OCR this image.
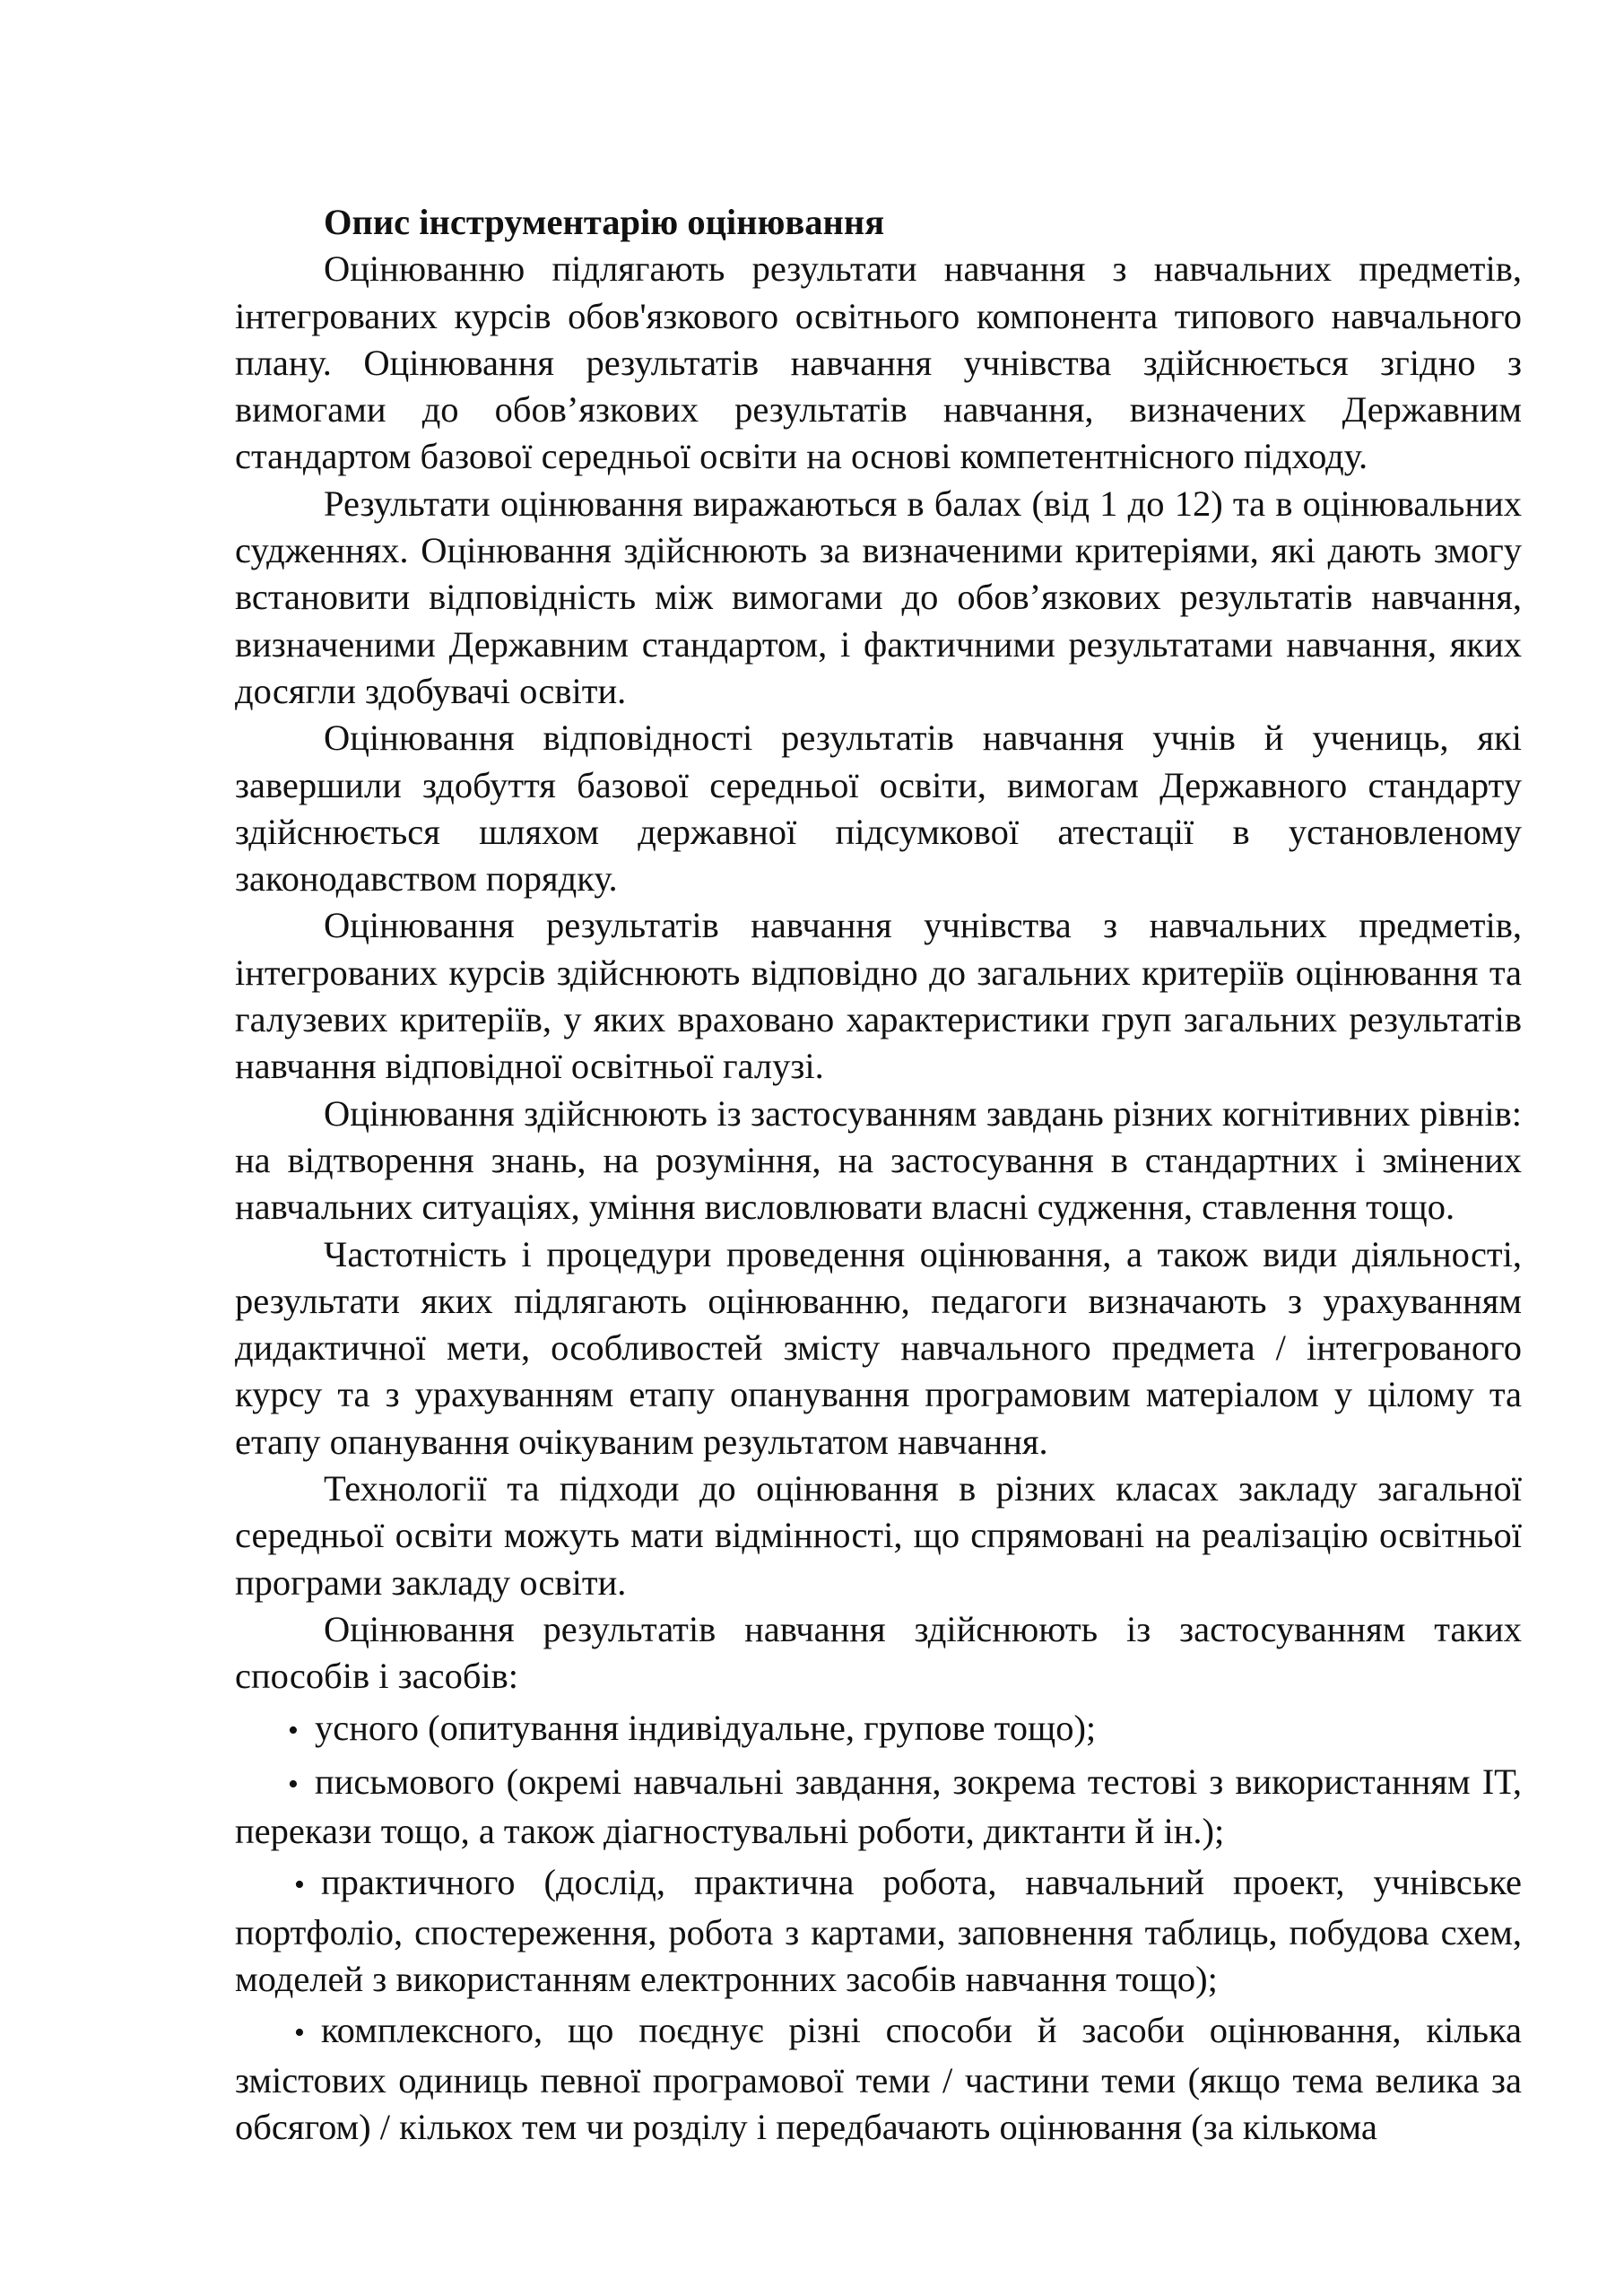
Опис інструментарію оцінювання

Оцінюванню підлягають результати навчання з навчальних предметів, інтегрованих курсів обов'язкового освітнього компонента типового навчального плану. Оцінювання результатів навчання учнівства здійснюється згідно з вимогами до обов’язкових результатів навчання, визначених Державним стандартом базової середньої освіти на основі компетентнісного підходу.

Результати оцінювання виражаються в балах (від 1 до 12) та в оцінювальних судженнях. Оцінювання здійснюють за визначеними критеріями, які дають змогу встановити відповідність між вимогами до обов’язкових результатів навчання, визначеними Державним стандартом, і фактичними результатами навчання, яких досягли здобувачі освіти.

Оцінювання відповідності результатів навчання учнів й учениць, які завершили здобуття базової середньої освіти, вимогам Державного стандарту здійснюється шляхом державної підсумкової атестації в установленому законодавством порядку.

Оцінювання результатів навчання учнівства з навчальних предметів, інтегрованих курсів здійснюють відповідно до загальних критеріїв оцінювання та галузевих критеріїв, у яких враховано характеристики груп загальних результатів навчання відповідної освітньої галузі.

Оцінювання здійснюють із застосуванням завдань різних когнітивних рівнів: на відтворення знань, на розуміння, на застосування в стандартних і змінених навчальних ситуаціях, уміння висловлювати власні судження, ставлення тощо.

Частотність і процедури проведення оцінювання, а також види діяльності, результати яких підлягають оцінюванню, педагоги визначають з урахуванням дидактичної мети, особливостей змісту навчального предмета / інтегрованого курсу та з урахуванням етапу опанування програмовим матеріалом у цілому та етапу опанування очікуваним результатом навчання.

Технології та підходи до оцінювання в різних класах закладу загальної середньої освіти можуть мати відмінності, що спрямовані на реалізацію освітньої програми закладу освіти.

Оцінювання результатів навчання здійснюють із застосуванням таких способів і засобів:

• усного (опитування індивідуальне, групове тощо);
• письмового (окремі навчальні завдання, зокрема тестові з використанням ІТ, перекази тощо, а також діагностувальні роботи, диктанти й ін.);
• практичного (дослід, практична робота, навчальний проект, учнівське портфоліо, спостереження, робота з картами, заповнення таблиць, побудова схем, моделей з використанням електронних засобів навчання тощо);
• комплексного, що поєднує різні способи й засоби оцінювання, кілька змістових одиниць певної програмової теми / частини теми (якщо тема велика за обсягом) / кількох тем чи розділу і передбачають оцінювання (за кількома
